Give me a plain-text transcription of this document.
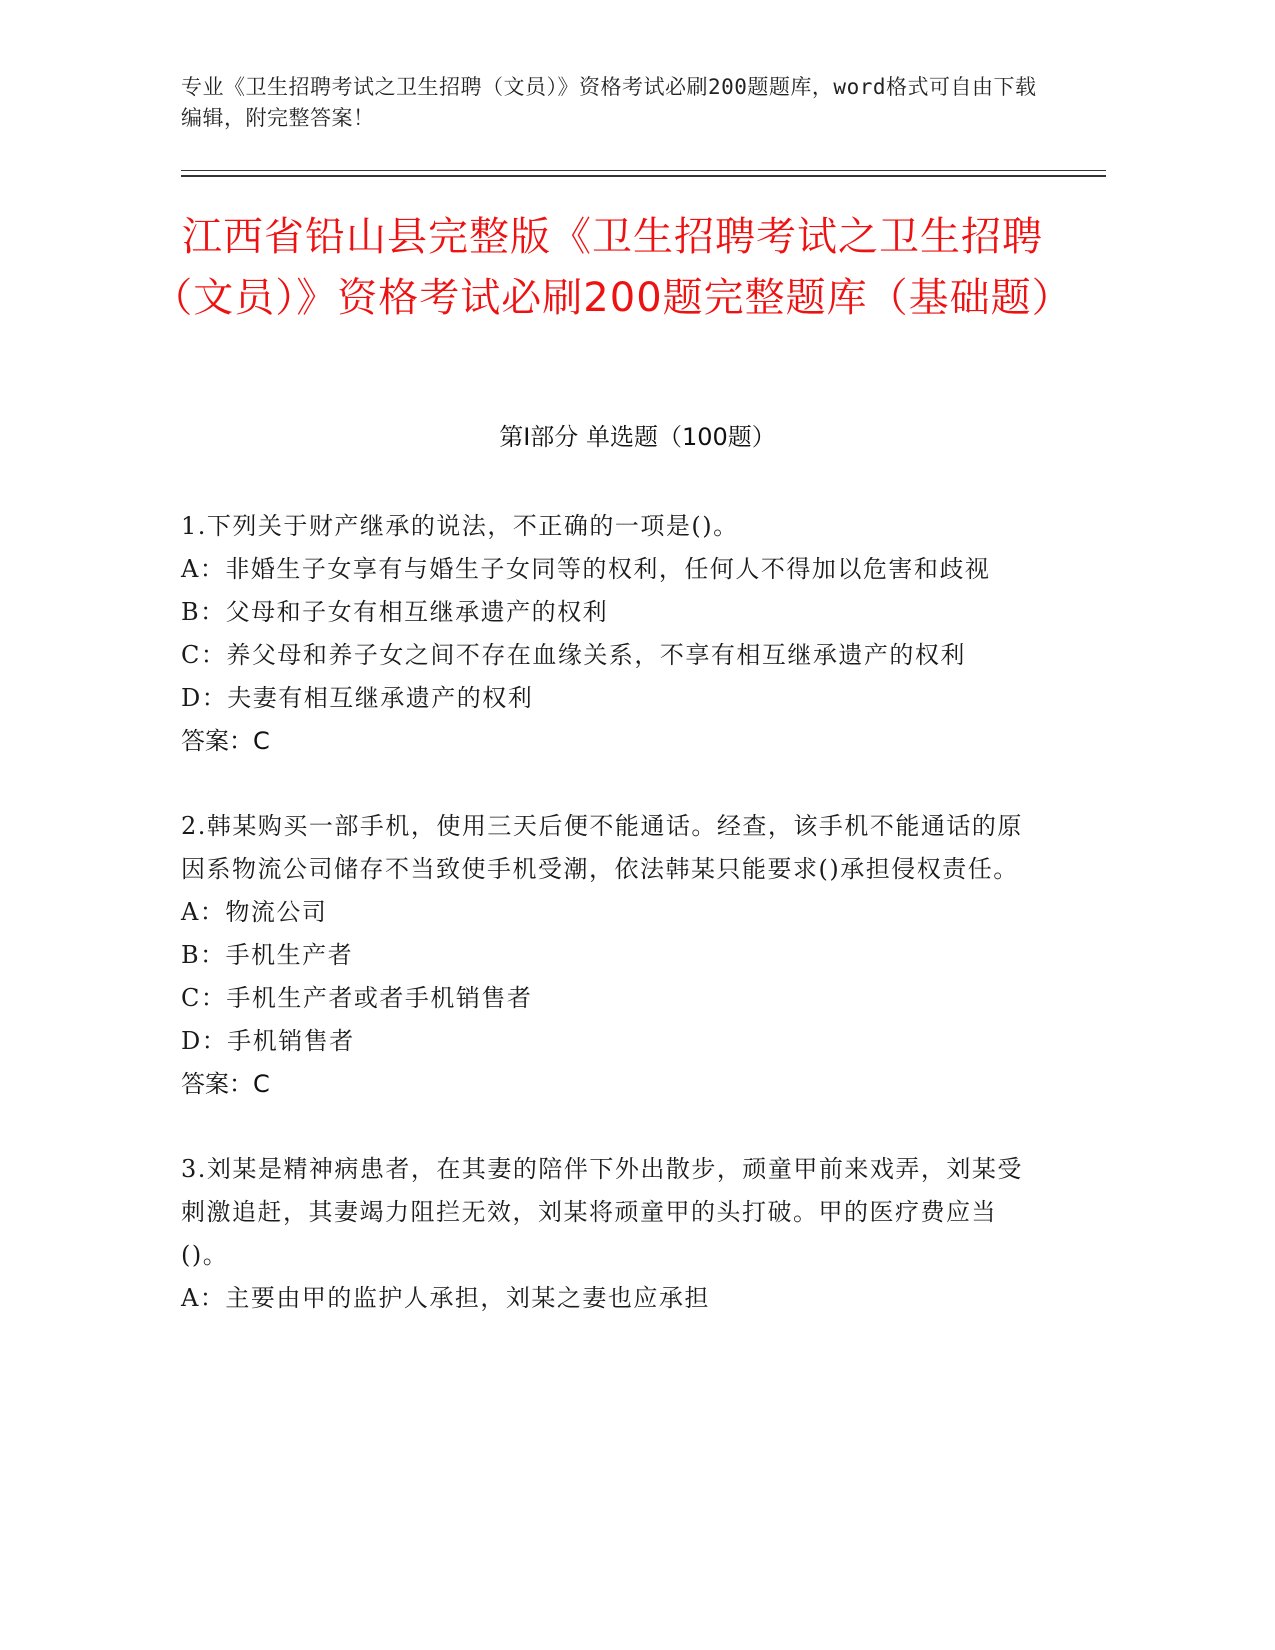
专业《卫生招聘考试之卫生招聘（文员）》资格考试必刷200题题库，word格式可自由下载编辑，附完整答案！
江西省铅山县完整版《卫生招聘考试之卫生招聘（文员）》资格考试必刷200题完整题库（基础题）
第I部分 单选题（100题）
1.下列关于财产继承的说法，不正确的一项是()。
A：非婚生子女享有与婚生子女同等的权利，任何人不得加以危害和歧视
B：父母和子女有相互继承遗产的权利
C：养父母和养子女之间不存在血缘关系，不享有相互继承遗产的权利
D：夫妻有相互继承遗产的权利
答案：C
2.韩某购买一部手机，使用三天后便不能通话。经查，该手机不能通话的原因系物流公司储存不当致使手机受潮，依法韩某只能要求()承担侵权责任。
A：物流公司
B：手机生产者
C：手机生产者或者手机销售者
D：手机销售者
答案：C
3.刘某是精神病患者，在其妻的陪伴下外出散步，顽童甲前来戏弄，刘某受刺激追赶，其妻竭力阻拦无效，刘某将顽童甲的头打破。甲的医疗费应当()。
A：主要由甲的监护人承担，刘某之妻也应承担
